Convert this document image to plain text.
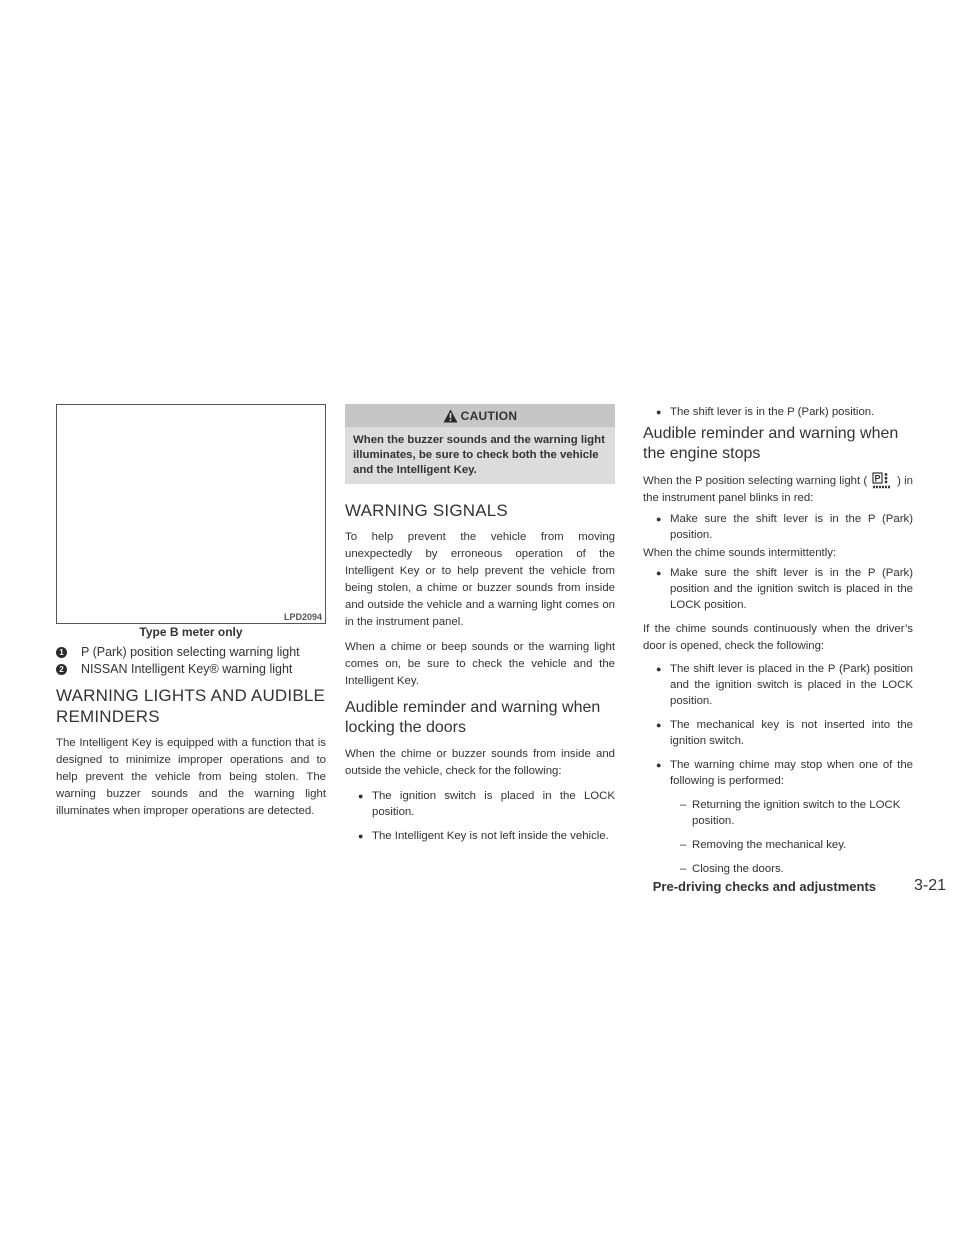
LPD2094
Type B meter only
1 P (Park) position selecting warning light
2 NISSAN Intelligent Key® warning light
WARNING LIGHTS AND AUDIBLE REMINDERS

The Intelligent Key is equipped with a function that is designed to minimize improper operations and to help prevent the vehicle from being stolen. The warning buzzer sounds and the warning light illuminates when improper operations are detected.

CAUTION
When the buzzer sounds and the warning light illuminates, be sure to check both the vehicle and the Intelligent Key.
WARNING SIGNALS

To help prevent the vehicle from moving unexpectedly by erroneous operation of the Intelligent Key or to help prevent the vehicle from being stolen, a chime or buzzer sounds from inside and outside the vehicle and a warning light comes on in the instrument panel.

When a chime or beep sounds or the warning light comes on, be sure to check the vehicle and the Intelligent Key.

Audible reminder and warning when locking the doors

When the chime or buzzer sounds from inside and outside the vehicle, check for the following:

● The ignition switch is placed in the LOCK position.
● The Intelligent Key is not left inside the vehicle.
● The shift lever is in the P (Park) position.
Audible reminder and warning when the engine stops

When the P position selecting warning light ( P ) in the instrument panel blinks in red:

● Make sure the shift lever is in the P (Park) position.

When the chime sounds intermittently:

● Make sure the shift lever is in the P (Park) position and the ignition switch is placed in the LOCK position.

If the chime sounds continuously when the driver’s door is opened, check the following:

● The shift lever is placed in the P (Park) position and the ignition switch is placed in the LOCK position.
● The mechanical key is not inserted into the ignition switch.
● The warning chime may stop when one of the following is performed:
– Returning the ignition switch to the LOCK position.
– Removing the mechanical key.
– Closing the doors.
Pre-driving checks and adjustments 3-21
